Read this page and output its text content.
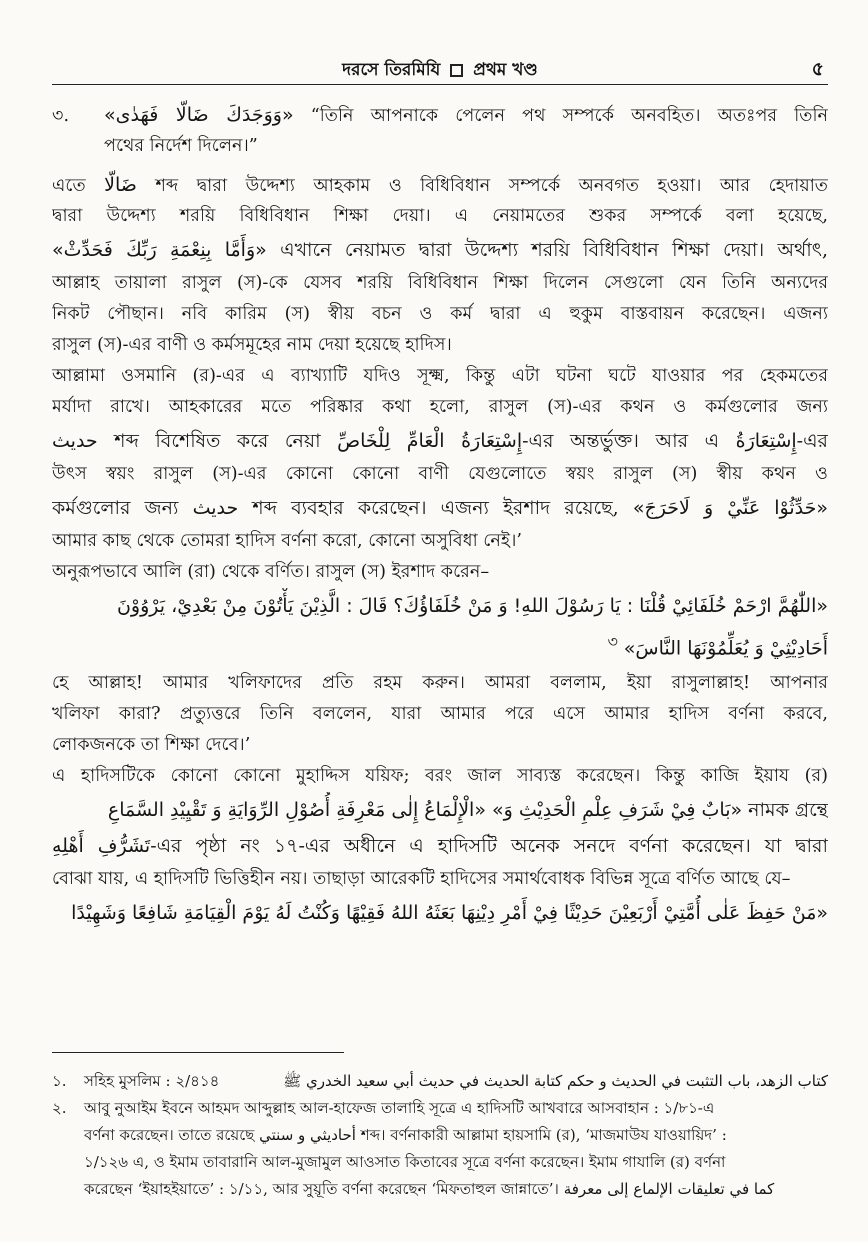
দরসে তিরমিযি প্রথম খণ্ড	৫
৩. «وَوَجَدَكَ ضَالًّا فَهَدٰى» “তিনি আপনাকে পেলেন পথ সম্পর্কে অনবহিত। অতঃপর তিনি
পথের নির্দেশ দিলেন।”
এতে ضَالًّا শব্দ দ্বারা উদ্দেশ্য আহকাম ও বিধিবিধান সম্পর্কে অনবগত হওয়া। আর হেদায়াত
দ্বারা উদ্দেশ্য শরয়ি বিধিবিধান শিক্ষা দেয়া। এ নেয়ামতের শুকর সম্পর্কে বলা হয়েছে,
«وَأَمَّا بِنِعْمَةِ رَبِّكَ فَحَدِّثْ» এখানে নেয়ামত দ্বারা উদ্দেশ্য শরয়ি বিধিবিধান শিক্ষা দেয়া। অর্থাৎ,
আল্লাহ তায়ালা রাসুল (স)-কে যেসব শরয়ি বিধিবিধান শিক্ষা দিলেন সেগুলো যেন তিনি অন্যদের
নিকট পৌছান। নবি কারিম (স) স্বীয় বচন ও কর্ম দ্বারা এ হুকুম বাস্তবায়ন করেছেন। এজন্য
রাসুল (স)-এর বাণী ও কর্মসমূহের নাম দেয়া হয়েছে হাদিস।
আল্লামা ওসমানি (র)-এর এ ব্যাখ্যাটি যদিও সূক্ষ্ম, কিন্তু এটা ঘটনা ঘটে যাওয়ার পর হেকমতের
মর্যাদা রাখে। আহকারের মতে পরিষ্কার কথা হলো, রাসুল (স)-এর কথন ও কর্মগুলোর জন্য
حديث শব্দ বিশেষিত করে নেয়া إِسْتِعَارَةُ الْعَامِّ لِلْخَاصِّ-এর অন্তর্ভুক্ত। আর এ إِسْتِعَارَةُ-এর
উৎস স্বয়ং রাসুল (স)-এর কোনো কোনো বাণী যেগুলোতে স্বয়ং রাসুল (স) স্বীয় কথন ও
কর্মগুলোর জন্য حديث শব্দ ব্যবহার করেছেন। এজন্য ইরশাদ রয়েছে, «حَدِّثُوْا عَنِّيْ وَ لَاحَرَجَ»
আমার কাছ থেকে তোমরা হাদিস বর্ণনা করো, কোনো অসুবিধা নেই।’
অনুরূপভাবে আলি (রা) থেকে বর্ণিত। রাসুল (স) ইরশাদ করেন–
«اللّٰهُمَّ ارْحَمْ خُلَفَائِيْ قُلْنَا : يَا رَسُوْلَ اللهِ! وَ مَنْ خُلَفَاؤُكَ؟ قَالَ : الَّذِيْنَ يَأْتُوْنَ مِنْ بَعْدِيْ، يَرْوُوْنَ
$^৩$ أَحَادِيْثِيْ وَ يُعَلِّمُوْنَهَا النَّاسَ»
হে আল্লাহ! আমার খলিফাদের প্রতি রহম করুন। আমরা বললাম, ইয়া রাসুলাল্লাহ! আপনার
খলিফা কারা? প্রত্যুত্তরে তিনি বললেন, যারা আমার পরে এসে আমার হাদিস বর্ণনা করবে,
লোকজনকে তা শিক্ষা দেবে।’
এ হাদিসটিকে কোনো কোনো মুহাদ্দিস যয়িফ; বরং জাল সাব্যস্ত করেছেন। কিন্তু কাজি ইয়ায (র)
«بَابٌ فِيْ شَرَفِ عِلْمِ الْحَدِيْثِ وَ» «الْإِلْمَاعُ إِلٰى مَعْرِفَةِ أُصُوْلِ الرِّوَايَةِ وَ تَقْيِيْدِ السَّمَاعِ নামক গ্রন্থে
تَشَرُّفِ أَهْلِهِ-এর পৃষ্ঠা নং ১৭-এর অধীনে এ হাদিসটি অনেক সনদে বর্ণনা করেছেন। যা দ্বারা
বোঝা যায়, এ হাদিসটি ভিত্তিহীন নয়। তাছাড়া আরেকটি হাদিসের সমার্থবোধক বিভিন্ন সূত্রে বর্ণিত আছে যে–
«مَنْ حَفِظَ عَلٰى أُمَّتِيْ أَرْبَعِيْنَ حَدِيْثًا فِيْ أَمْرِ دِيْنِهَا بَعَثَهُ اللهُ فَقِيْهًا وَكُنْتُ لَهُ يَوْمَ الْقِيَامَةِ شَافِعًا وَشَهِيْدًا
১. সহিহ মুসলিম : ২/৪১৪	كتاب الزهد، باب التثبت في الحديث و حكم كتابة الحديث في حديث أبي سعيد الخدري ﷺ
২. আবু নুআইম ইবনে আহমদ আব্দুল্লাহ আল-হাফেজ তালাহি সূত্রে এ হাদিসটি আখবারে আসবাহান : ১/৮১-এ
বর্ণনা করেছেন। তাতে রয়েছে أحاديثي و سنتي শব্দ। বর্ণনাকারী আল্লামা হায়সামি (র), ‘মাজমাউয যাওয়ায়িদ’ :
১/১২৬ এ, ও ইমাম তাবারানি আল-মুজামুল আওসাত কিতাবের সূত্রে বর্ণনা করেছেন। ইমাম গাযালি (র) বর্ণনা
করেছেন ‘ইয়াহইয়াতে’ : ১/১১, আর সুয়ূতি বর্ণনা করেছেন ‘মিফতাহুল জান্নাতে’। كما في تعليقات الإلماع إلى معرفة
